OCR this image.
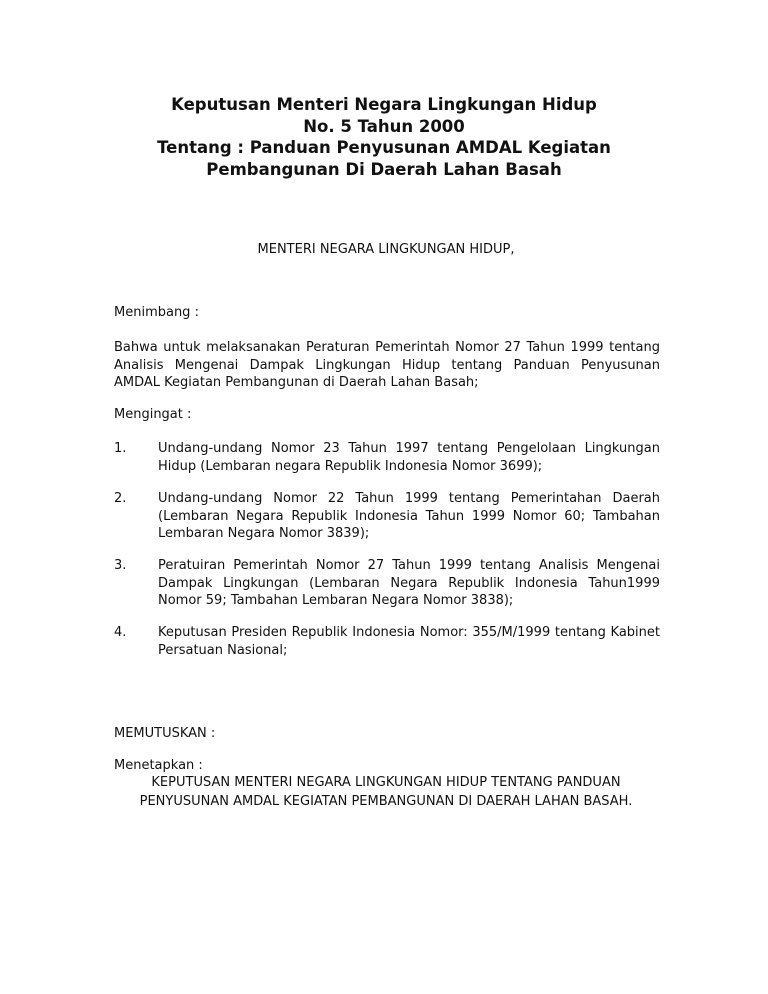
Keputusan Menteri Negara Lingkungan Hidup
No. 5 Tahun 2000
Tentang : Panduan Penyusunan AMDAL Kegiatan
Pembangunan Di Daerah Lahan Basah
MENTERI NEGARA LINGKUNGAN HIDUP,
Menimbang :
Bahwa untuk melaksanakan Peraturan Pemerintah Nomor 27 Tahun 1999 tentang Analisis Mengenai Dampak Lingkungan Hidup tentang Panduan Penyusunan AMDAL Kegiatan Pembangunan di Daerah Lahan Basah;
Mengingat :
1.	Undang-undang Nomor 23 Tahun 1997 tentang Pengelolaan Lingkungan Hidup (Lembaran negara Republik Indonesia Nomor 3699);
2.	Undang-undang Nomor 22 Tahun 1999 tentang Pemerintahan Daerah (Lembaran Negara Republik Indonesia Tahun 1999 Nomor 60; Tambahan Lembaran Negara Nomor 3839);
3.	Peratuiran Pemerintah Nomor 27 Tahun 1999 tentang Analisis Mengenai Dampak Lingkungan (Lembaran Negara Republik Indonesia Tahun1999 Nomor 59; Tambahan Lembaran Negara Nomor 3838);
4.	Keputusan Presiden Republik Indonesia Nomor: 355/M/1999 tentang Kabinet Persatuan Nasional;
MEMUTUSKAN :
Menetapkan :
KEPUTUSAN MENTERI NEGARA LINGKUNGAN HIDUP TENTANG PANDUAN
PENYUSUNAN AMDAL KEGIATAN PEMBANGUNAN DI DAERAH LAHAN BASAH.
